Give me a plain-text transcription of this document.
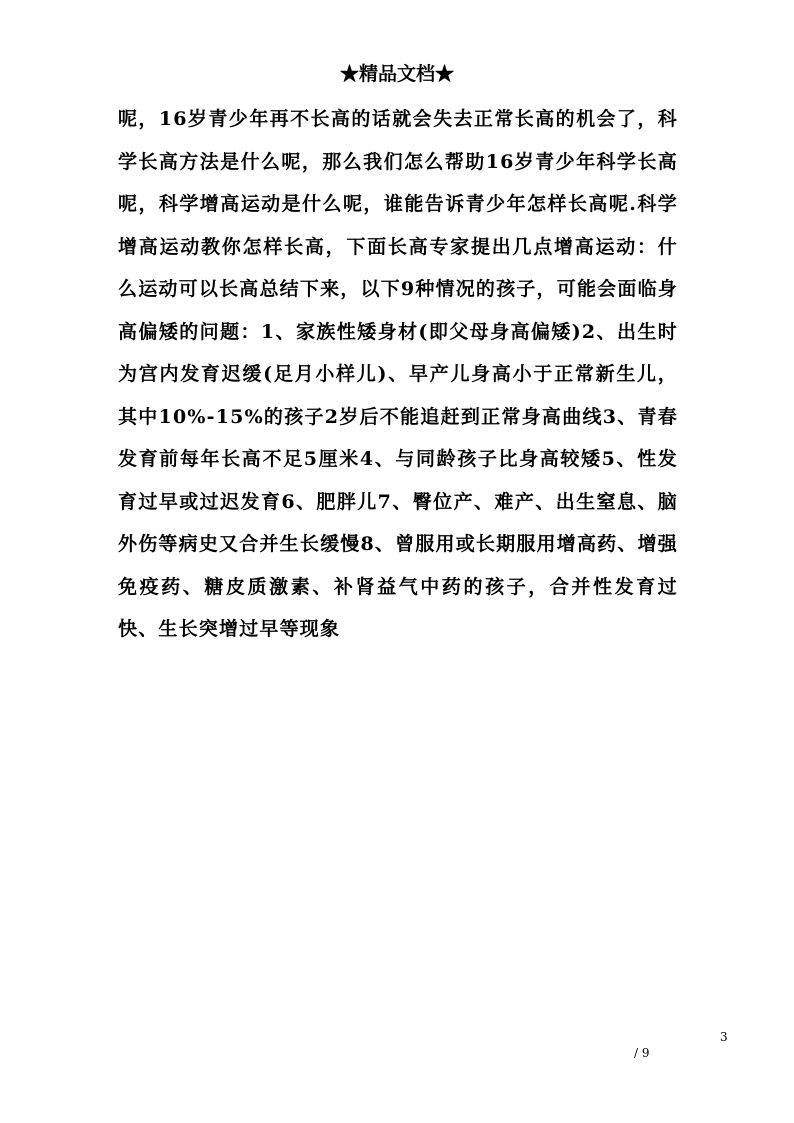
★精品文档★

呢，16岁青少年再不长高的话就会失去正常长高的机会了，科学长高方法是什么呢，那么我们怎么帮助16岁青少年科学长高呢，科学增高运动是什么呢，谁能告诉青少年怎样长高呢.科学增高运动教你怎样长高，下面长高专家提出几点增高运动：什么运动可以长高总结下来，以下9种情况的孩子，可能会面临身高偏矮的问题：1、家族性矮身材(即父母身高偏矮)2、出生时为宫内发育迟缓(足月小样儿)、早产儿身高小于正常新生儿，其中10%-15%的孩子2岁后不能追赶到正常身高曲线3、青春发育前每年长高不足5厘米4、与同龄孩子比身高较矮5、性发育过早或过迟发育6、肥胖儿7、臀位产、难产、出生窒息、脑外伤等病史又合并生长缓慢8、曾服用或长期服用增高药、增强免疫药、糖皮质激素、补肾益气中药的孩子，合并性发育过快、生长突增过早等现象

3
/ 9
